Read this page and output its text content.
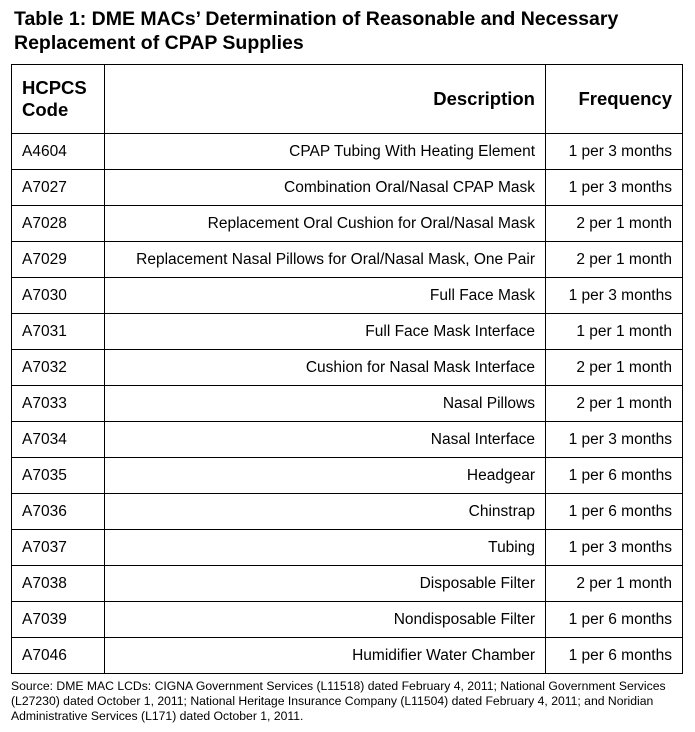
Table 1: DME MACs’ Determination of Reasonable and Necessary
Replacement of CPAP Supplies
HCPCS
Code	Description	Frequency
A4604	CPAP Tubing With Heating Element	1 per 3 months
A7027	Combination Oral/Nasal CPAP Mask	1 per 3 months
A7028	Replacement Oral Cushion for Oral/Nasal Mask	2 per 1 month
A7029	Replacement Nasal Pillows for Oral/Nasal Mask, One Pair	2 per 1 month
A7030	Full Face Mask	1 per 3 months
A7031	Full Face Mask Interface	1 per 1 month
A7032	Cushion for Nasal Mask Interface	2 per 1 month
A7033	Nasal Pillows	2 per 1 month
A7034	Nasal Interface	1 per 3 months
A7035	Headgear	1 per 6 months
A7036	Chinstrap	1 per 6 months
A7037	Tubing	1 per 3 months
A7038	Disposable Filter	2 per 1 month
A7039	Nondisposable Filter	1 per 6 months
A7046	Humidifier Water Chamber	1 per 6 months

Source: DME MAC LCDs: CIGNA Government Services (L11518) dated February 4, 2011; National Government Services (L27230) dated October 1, 2011; National Heritage Insurance Company (L11504) dated February 4, 2011; and Noridian Administrative Services (L171) dated October 1, 2011.
